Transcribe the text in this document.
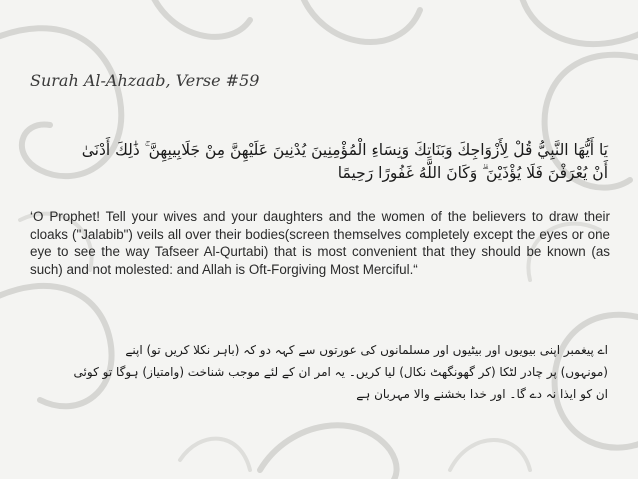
Surah Al-Ahzaab, Verse #59
يَا أَيُّهَا النَّبِيُّ قُلْ لِأَزْوَاجِكَ وَبَنَاتِكَ وَنِسَاءِ الْمُؤْمِنِينَ يُدْنِينَ عَلَيْهِنَّ مِنْ جَلَابِيبِهِنَّ ۚ ذَٰلِكَ أَدْنَىٰ
أَنْ يُعْرَفْنَ فَلَا يُؤْذَيْنَ ۗ وَكَانَ اللَّهُ غَفُورًا رَحِيمًا
‘O Prophet! Tell your wives and your daughters and the women of the believers to draw their cloaks ("Jalabib") veils all over their bodies(screen themselves completely except the eyes or one eye to see the way Tafseer Al-Qurtabi) that is most convenient that they should be known (as such) and not molested: and Allah is Oft-Forgiving Most Merciful.“
اے پیغمبر اپنی بیویوں اور بیٹیوں اور مسلمانوں کی عورتوں سے کہہ دو کہ (باہر نکلا کریں تو) اپنے
(مونہوں) پر چادر لٹکا (کر گھونگھٹ نکال) لیا کریں۔ یہ امر ان کے لئے موجب شناخت (وامتیاز) ہوگا تو کوئی
ان کو ایذا نہ دے گا۔ اور خدا بخشنے والا مہربان ہے
